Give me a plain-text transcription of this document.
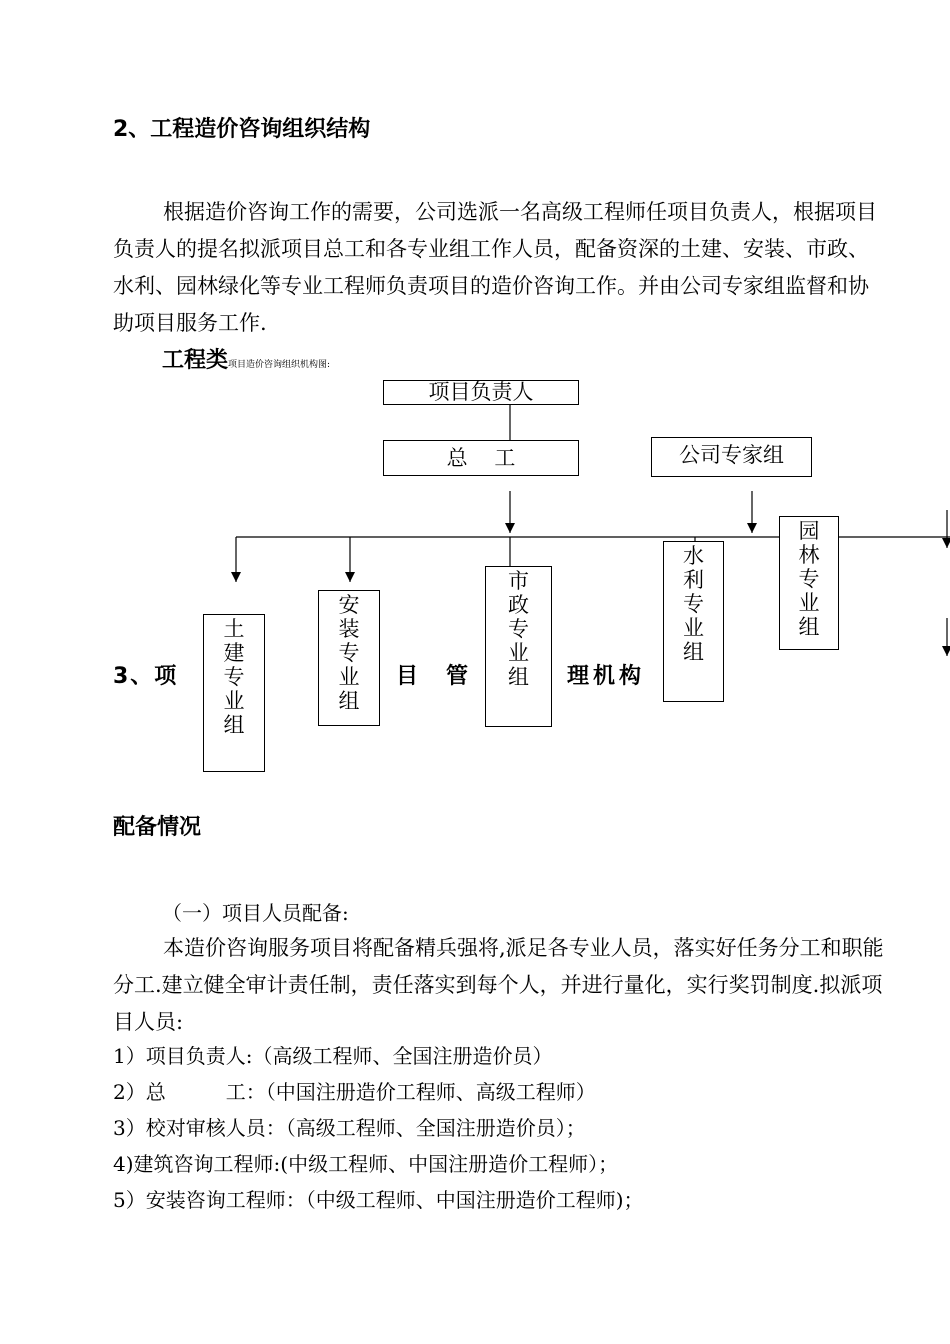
2、工程造价咨询组织结构
根据造价咨询工作的需要，公司选派一名高级工程师任项目负责人，根据项目负责人的提名拟派项目总工和各专业组工作人员，配备资深的土建、安装、市政、水利、园林绿化等专业工程师负责项目的造价咨询工作。并由公司专家组监督和协助项目服务工作.
工程类项目造价咨询组织机构图:
项目负责人
总    工	公司专家组
3、项	目 管	理机构
土
建
专
业
组
安
装
专
业
组
市
政
专
业
组
水
利
专
业
组
园
林
专
业
组
配备情况
（一）项目人员配备:
本造价咨询服务项目将配备精兵强将,派足各专业人员，落实好任务分工和职能分工.建立健全审计责任制，责任落实到每个人，并进行量化，实行奖罚制度.拟派项目人员:
1）项目负责人:（高级工程师、全国注册造价员）
2）总　　　工：（中国注册造价工程师、高级工程师）
3）校对审核人员：（高级工程师、全国注册造价员）；
4)建筑咨询工程师:(中级工程师、中国注册造价工程师）；
5）安装咨询工程师：（中级工程师、中国注册造价工程师)；
